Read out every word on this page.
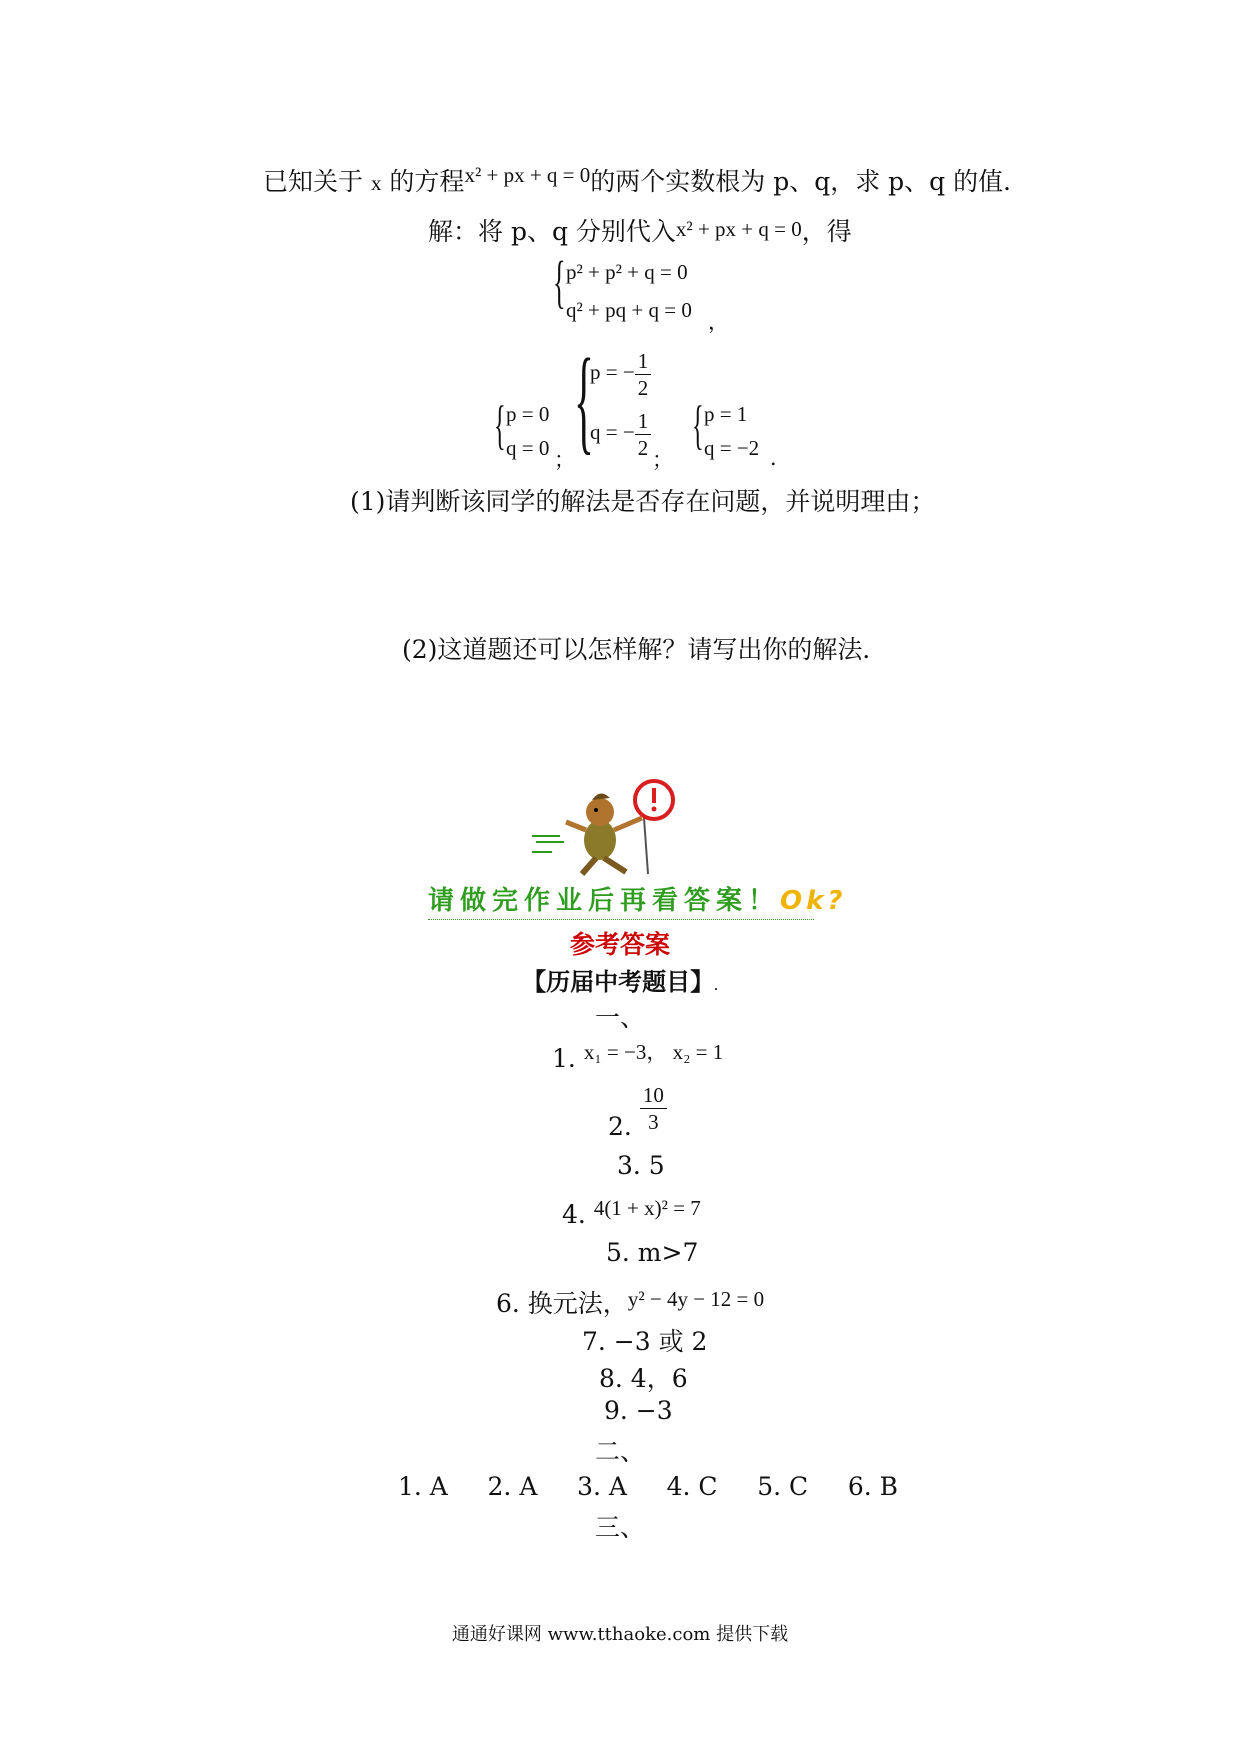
已知关于 x 的方程$^{x^2 + px + q = 0}$的两个实数根为 p、q，求 p、q 的值．
解：将 p、q 分别代入x² + px + q = 0，得
{ p² + p² + q = 0
q² + pq + q = 0 ，
{ p = 0
q = 0 ； {
p = − $\frac{1}{2}$
q = − $\frac{1}{2}$ ；
{ p = 1
q = −2 ．
(1)请判断该同学的解法是否存在问题，并说明理由；
(2)这道题还可以怎样解？请写出你的解法．
请做完作业后再看答案！Ok?
参考答案
【历届中考题目】.
一、
1. $^{x_1 = -3, x_2 = 1}$
2. $\frac{10}{3}$
3. 5
4. $^{4(1 + x)^2 = 7}$
5. m>7
6. 换元法，$^{y^2 - 4y - 12 = 0}$
7. −3 或 2
8. 4，6
9. −3
二、
1. A 2. A 3. A 4. C 5. C 6. B
三、
通通好课网 www.tthaoke.com 提供下载
